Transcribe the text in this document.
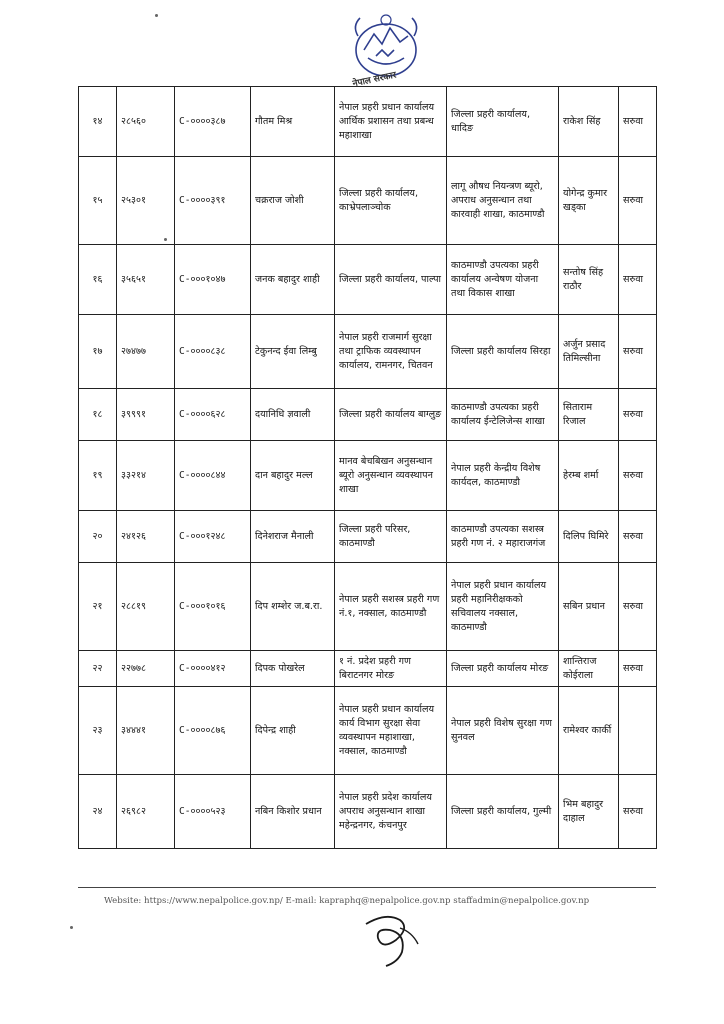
नेपाल सरकार
१४	२८५६०	C-००००३८७	गौतम मिश्र	नेपाल प्रहरी प्रधान कार्यालय आर्थिक प्रशासन तथा प्रबन्ध महाशाखा	जिल्ला प्रहरी कार्यालय, धादिङ	राकेश सिंह	सरुवा
१५	२५३०१	C-००००३९१	चक्रराज जोशी	जिल्ला प्रहरी कार्यालय, काभ्रेपलाञ्चोक	लागू औषध नियन्त्रण ब्यूरो, अपराध अनुसन्धान तथा कारवाही शाखा, काठमाण्डौ	योगेन्द्र कुमार खड्का	सरुवा
१६	३५६५१	C-०००१०४७	जनक बहादुर शाही	जिल्ला प्रहरी कार्यालय, पाल्पा	काठमाण्डौ उपत्यका प्रहरी कार्यालय अन्वेषण योजना तथा विकास शाखा	सन्तोष सिंह राठौर	सरुवा
१७	२७४७७	C-००००८३८	टेकुनन्द ईवा लिम्बु	नेपाल प्रहरी राजमार्ग सुरक्षा तथा ट्राफिक व्यवस्थापन कार्यालय, रामनगर, चितवन	जिल्ला प्रहरी कार्यालय सिरहा	अर्जुन प्रसाद तिमिल्सीना	सरुवा
१८	३९९९१	C-००००६२८	दयानिधि ज्ञवाली	जिल्ला प्रहरी कार्यालय बाग्लुङ	काठमाण्डौ उपत्यका प्रहरी कार्यालय ईन्टेलिजेन्स शाखा	सिताराम रिजाल	सरुवा
१९	३३२१४	C-००००८४४	दान बहादुर मल्ल	मानव बेचबिखन अनुसन्धान ब्यूरो अनुसन्धान व्यवस्थापन शाखा	नेपाल प्रहरी केन्द्रीय विशेष कार्यदल, काठमाण्डौ	हेरम्ब शर्मा	सरुवा
२०	२४१२६	C-०००१२४८	दिनेशराज मैनाली	जिल्ला प्रहरी परिसर, काठमाण्डौ	काठमाण्डौ उपत्यका सशस्त्र प्रहरी गण नं. २ महाराजगंज	दिलिप घिमिरे	सरुवा
२१	२८८१९	C-०००१०१६	दिप शम्शेर ज.ब.रा.	नेपाल प्रहरी सशस्त्र प्रहरी गण नं.१, नक्साल, काठमाण्डौ	नेपाल प्रहरी प्रधान कार्यालय प्रहरी महानिरीक्षकको सचिवालय नक्साल, काठमाण्डौ	सबिन प्रधान	सरुवा
२२	२२७७८	C-००००४१२	दिपक पोखरेल	१ नं. प्रदेश प्रहरी गण बिराटनगर मोरङ	जिल्ला प्रहरी कार्यालय मोरङ	शान्तिराज कोईराला	सरुवा
२३	३४४४१	C-००००८७६	दिपेन्द्र शाही	नेपाल प्रहरी प्रधान कार्यालय कार्य विभाग सुरक्षा सेवा व्यवस्थापन महाशाखा, नक्साल, काठमाण्डौ	नेपाल प्रहरी विशेष सुरक्षा गण सुनवल	रामेश्वर कार्की	
२४	२६९८२	C-००००५२३	नबिन किशोर प्रधान	नेपाल प्रहरी प्रदेश कार्यालय अपराध अनुसन्धान शाखा महेन्द्रनगर, कंचनपुर	जिल्ला प्रहरी कार्यालय, गुल्मी	भिम बहादुर दाहाल	सरुवा
Website: https://www.nepalpolice.gov.np/ E-mail: kapraphq@nepalpolice.gov.np staffadmin@nepalpolice.gov.np
